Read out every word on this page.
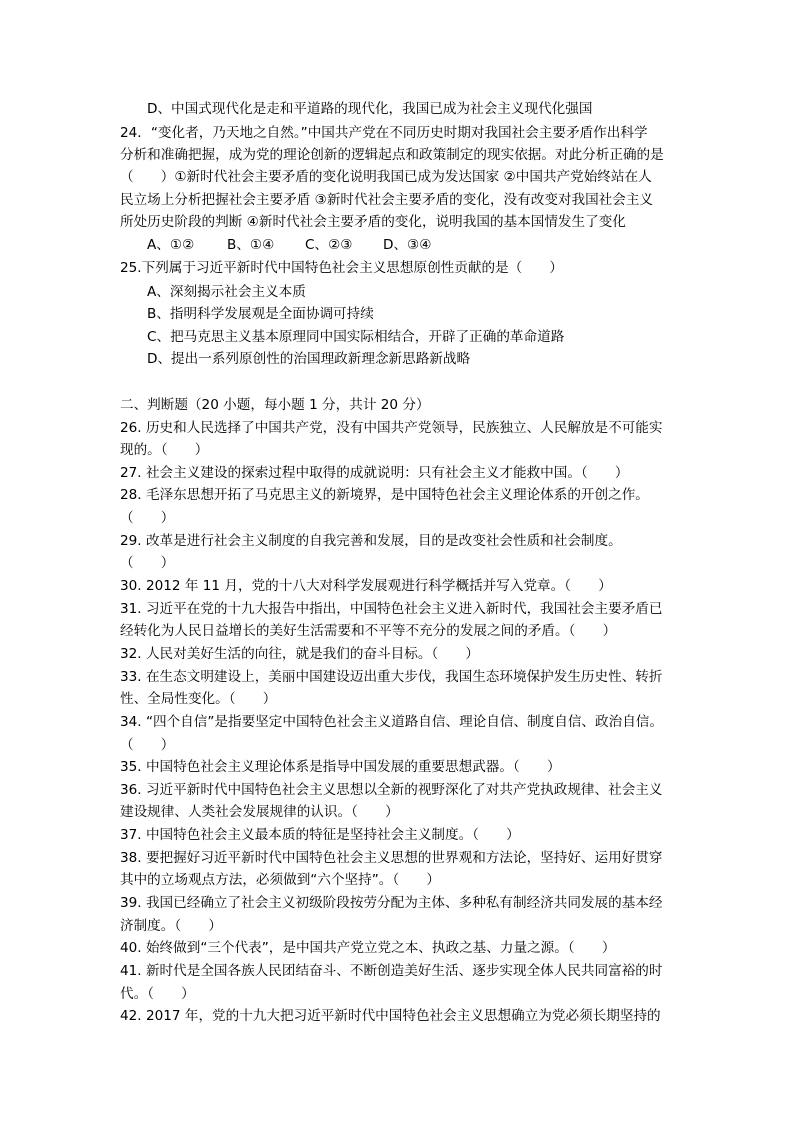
D、中国式现代化是走和平道路的现代化，我国已成为社会主义现代化强国
24．“变化者，乃天地之自然。”中国共产党在不同历史时期对我国社会主要矛盾作出科学
分析和准确把握，成为党的理论创新的逻辑起点和政策制定的现实依据。对此分析正确的是
（　　）①新时代社会主要矛盾的变化说明我国已成为发达国家 ②中国共产党始终站在人
民立场上分析把握社会主要矛盾 ③新时代社会主要矛盾的变化，没有改变对我国社会主义
所处历史阶段的判断 ④新时代社会主要矛盾的变化，说明我国的基本国情发生了变化
A、①② B、①④ C、②③ D、③④
25.下列属于习近平新时代中国特色社会主义思想原创性贡献的是（　　）
A、深刻揭示社会主义本质
B、指明科学发展观是全面协调可持续
C、把马克思主义基本原理同中国实际相结合，开辟了正确的革命道路
D、提出一系列原创性的治国理政新理念新思路新战略
二、判断题（20 小题，每小题 1 分，共计 20 分）
26. 历史和人民选择了中国共产党，没有中国共产党领导，民族独立、人民解放是不可能实
现的。（　　）
27. 社会主义建设的探索过程中取得的成就说明：只有社会主义才能救中国。（　　）
28. 毛泽东思想开拓了马克思主义的新境界，是中国特色社会主义理论体系的开创之作。
（　　）
29. 改革是进行社会主义制度的自我完善和发展，目的是改变社会性质和社会制度。
（　　）
30. 2012 年 11 月，党的十八大对科学发展观进行科学概括并写入党章。（　　）
31. 习近平在党的十九大报告中指出，中国特色社会主义进入新时代，我国社会主要矛盾已
经转化为人民日益增长的美好生活需要和不平等不充分的发展之间的矛盾。（　　）
32. 人民对美好生活的向往，就是我们的奋斗目标。（　　）
33. 在生态文明建设上，美丽中国建设迈出重大步伐，我国生态环境保护发生历史性、转折
性、全局性变化。（　　）
34. “四个自信”是指要坚定中国特色社会主义道路自信、理论自信、制度自信、政治自信。
（　　）
35. 中国特色社会主义理论体系是指导中国发展的重要思想武器。（　　）
36. 习近平新时代中国特色社会主义思想以全新的视野深化了对共产党执政规律、社会主义
建设规律、人类社会发展规律的认识。（　　）
37. 中国特色社会主义最本质的特征是坚持社会主义制度。（　　）
38. 要把握好习近平新时代中国特色社会主义思想的世界观和方法论，坚持好、运用好贯穿
其中的立场观点方法，必须做到“六个坚持”。（　　）
39. 我国已经确立了社会主义初级阶段按劳分配为主体、多种私有制经济共同发展的基本经
济制度。（　　）
40. 始终做到“三个代表”，是中国共产党立党之本、执政之基、力量之源。（　　）
41. 新时代是全国各族人民团结奋斗、不断创造美好生活、逐步实现全体人民共同富裕的时
代。（　　）
42. 2017 年，党的十九大把习近平新时代中国特色社会主义思想确立为党必须长期坚持的
